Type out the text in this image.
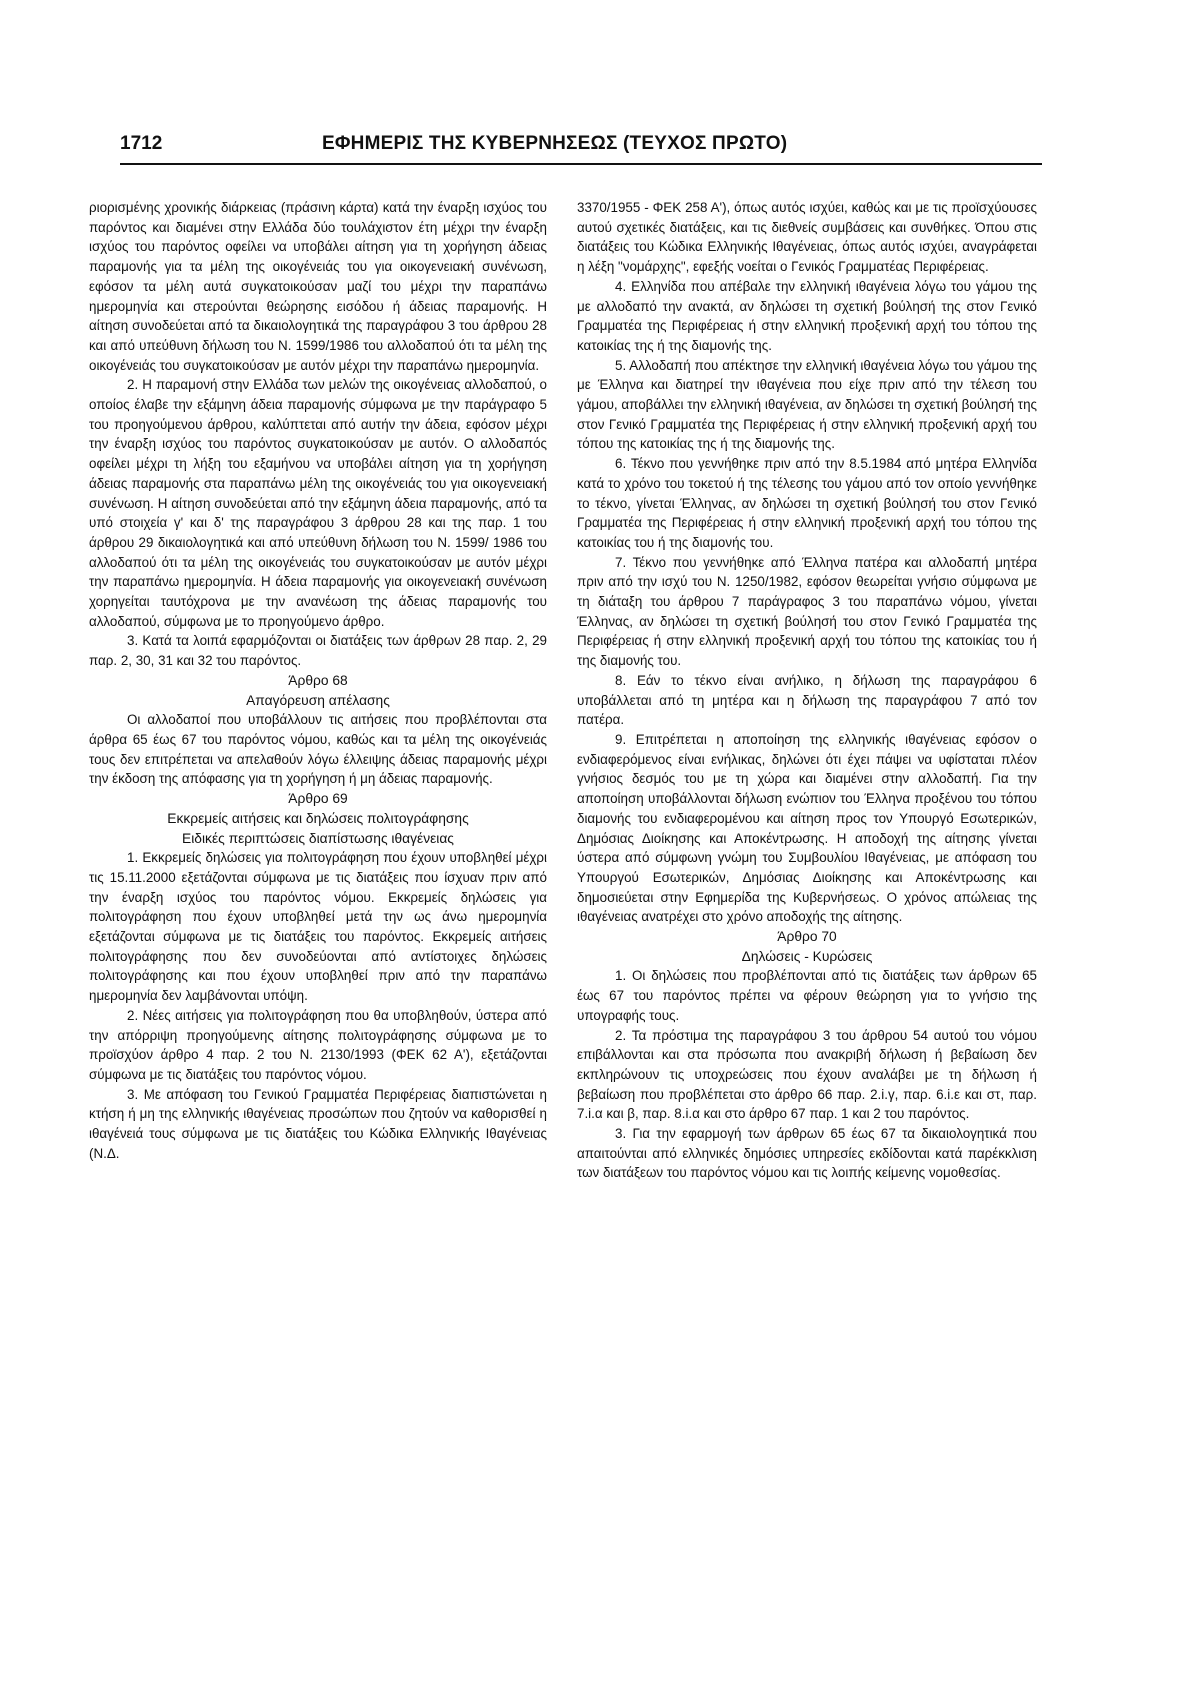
1712	ΕΦΗΜΕΡΙΣ ΤΗΣ ΚΥΒΕΡΝΗΣΕΩΣ (ΤΕΥΧΟΣ ΠΡΩΤΟ)

ριορισμένης χρονικής διάρκειας (πράσινη κάρτα) κατά την έναρξη ισχύος του παρόντος και διαμένει στην Ελλάδα δύο τουλάχιστον έτη μέχρι την έναρξη ισχύος του παρόντος οφείλει να υποβάλει αίτηση για τη χορήγηση άδειας παραμονής για τα μέλη της οικογένειάς του για οικογενειακή συνένωση, εφόσον τα μέλη αυτά συγκατοικούσαν μαζί του μέχρι την παραπάνω ημερομηνία και στερούνται θεώρησης εισόδου ή άδειας παραμονής. Η αίτηση συνοδεύεται από τα δικαιολογητικά της παραγράφου 3 του άρθρου 28 και από υπεύθυνη δήλωση του Ν. 1599/1986 του αλλοδαπού ότι τα μέλη της οικογένειάς του συγκατοικούσαν με αυτόν μέχρι την παραπάνω ημερομηνία.

2. Η παραμονή στην Ελλάδα των μελών της οικογένειας αλλοδαπού, ο οποίος έλαβε την εξάμηνη άδεια παραμονής σύμφωνα με την παράγραφο 5 του προηγούμενου άρθρου, καλύπτεται από αυτήν την άδεια, εφόσον μέχρι την έναρξη ισχύος του παρόντος συγκατοικούσαν με αυτόν. Ο αλλοδαπός οφείλει μέχρι τη λήξη του εξαμήνου να υποβάλει αίτηση για τη χορήγηση άδειας παραμονής στα παραπάνω μέλη της οικογένειάς του για οικογενειακή συνένωση. Η αίτηση συνοδεύεται από την εξάμηνη άδεια παραμονής, από τα υπό στοιχεία γ' και δ' της παραγράφου 3 άρθρου 28 και της παρ. 1 του άρθρου 29 δικαιολογητικά και από υπεύθυνη δήλωση του Ν. 1599/ 1986 του αλλοδαπού ότι τα μέλη της οικογένειάς του συγκατοικούσαν με αυτόν μέχρι την παραπάνω ημερομηνία. Η άδεια παραμονής για οικογενειακή συνένωση χορηγείται ταυτόχρονα με την ανανέωση της άδειας παραμονής του αλλοδαπού, σύμφωνα με το προηγούμενο άρθρο.

3. Κατά τα λοιπά εφαρμόζονται οι διατάξεις των άρθρων 28 παρ. 2, 29 παρ. 2, 30, 31 και 32 του παρόντος.

Άρθρο 68

Απαγόρευση απέλασης

Οι αλλοδαποί που υποβάλλουν τις αιτήσεις που προβλέπονται στα άρθρα 65 έως 67 του παρόντος νόμου, καθώς και τα μέλη της οικογένειάς τους δεν επιτρέπεται να απελαθούν λόγω έλλειψης άδειας παραμονής μέχρι την έκδοση της απόφασης για τη χορήγηση ή μη άδειας παραμονής.

Άρθρο 69

Εκκρεμείς αιτήσεις και δηλώσεις πολιτογράφησης

Ειδικές περιπτώσεις διαπίστωσης ιθαγένειας

1. Εκκρεμείς δηλώσεις για πολιτογράφηση που έχουν υποβληθεί μέχρι τις 15.11.2000 εξετάζονται σύμφωνα με τις διατάξεις που ίσχυαν πριν από την έναρξη ισχύος του παρόντος νόμου. Εκκρεμείς δηλώσεις για πολιτογράφηση που έχουν υποβληθεί μετά την ως άνω ημερομηνία εξετάζονται σύμφωνα με τις διατάξεις του παρόντος. Εκκρεμείς αιτήσεις πολιτογράφησης που δεν συνοδεύονται από αντίστοιχες δηλώσεις πολιτογράφησης και που έχουν υποβληθεί πριν από την παραπάνω ημερομηνία δεν λαμβάνονται υπόψη.

2. Νέες αιτήσεις για πολιτογράφηση που θα υποβληθούν, ύστερα από την απόρριψη προηγούμενης αίτησης πολιτογράφησης σύμφωνα με το προϊσχύον άρθρο 4 παρ. 2 του Ν. 2130/1993 (ΦΕΚ 62 Α'), εξετάζονται σύμφωνα με τις διατάξεις του παρόντος νόμου.

3. Με απόφαση του Γενικού Γραμματέα Περιφέρειας διαπιστώνεται η κτήση ή μη της ελληνικής ιθαγένειας προσώπων που ζητούν να καθορισθεί η ιθαγένειά τους σύμφωνα με τις διατάξεις του Κώδικα Ελληνικής Ιθαγένειας (Ν.Δ.

3370/1955 - ΦΕΚ 258 Α'), όπως αυτός ισχύει, καθώς και με τις προϊσχύουσες αυτού σχετικές διατάξεις, και τις διεθνείς συμβάσεις και συνθήκες. Όπου στις διατάξεις του Κώδικα Ελληνικής Ιθαγένειας, όπως αυτός ισχύει, αναγράφεται η λέξη "νομάρχης", εφεξής νοείται ο Γενικός Γραμματέας Περιφέρειας.

4. Ελληνίδα που απέβαλε την ελληνική ιθαγένεια λόγω του γάμου της με αλλοδαπό την ανακτά, αν δηλώσει τη σχετική βούλησή της στον Γενικό Γραμματέα της Περιφέρειας ή στην ελληνική προξενική αρχή του τόπου της κατοικίας της ή της διαμονής της.

5. Αλλοδαπή που απέκτησε την ελληνική ιθαγένεια λόγω του γάμου της με Έλληνα και διατηρεί την ιθαγένεια που είχε πριν από την τέλεση του γάμου, αποβάλλει την ελληνική ιθαγένεια, αν δηλώσει τη σχετική βούλησή της στον Γενικό Γραμματέα της Περιφέρειας ή στην ελληνική προξενική αρχή του τόπου της κατοικίας της ή της διαμονής της.

6. Τέκνο που γεννήθηκε πριν από την 8.5.1984 από μητέρα Ελληνίδα κατά το χρόνο του τοκετού ή της τέλεσης του γάμου από τον οποίο γεννήθηκε το τέκνο, γίνεται Έλληνας, αν δηλώσει τη σχετική βούλησή του στον Γενικό Γραμματέα της Περιφέρειας ή στην ελληνική προξενική αρχή του τόπου της κατοικίας του ή της διαμονής του.

7. Τέκνο που γεννήθηκε από Έλληνα πατέρα και αλλοδαπή μητέρα πριν από την ισχύ του Ν. 1250/1982, εφόσον θεωρείται γνήσιο σύμφωνα με τη διάταξη του άρθρου 7 παράγραφος 3 του παραπάνω νόμου, γίνεται Έλληνας, αν δηλώσει τη σχετική βούλησή του στον Γενικό Γραμματέα της Περιφέρειας ή στην ελληνική προξενική αρχή του τόπου της κατοικίας του ή της διαμονής του.

8. Εάν το τέκνο είναι ανήλικο, η δήλωση της παραγράφου 6 υποβάλλεται από τη μητέρα και η δήλωση της παραγράφου 7 από τον πατέρα.

9. Επιτρέπεται η αποποίηση της ελληνικής ιθαγένειας εφόσον ο ενδιαφερόμενος είναι ενήλικας, δηλώνει ότι έχει πάψει να υφίσταται πλέον γνήσιος δεσμός του με τη χώρα και διαμένει στην αλλοδαπή. Για την αποποίηση υποβάλλονται δήλωση ενώπιον του Έλληνα προξένου του τόπου διαμονής του ενδιαφερομένου και αίτηση προς τον Υπουργό Εσωτερικών, Δημόσιας Διοίκησης και Αποκέντρωσης. Η αποδοχή της αίτησης γίνεται ύστερα από σύμφωνη γνώμη του Συμβουλίου Ιθαγένειας, με απόφαση του Υπουργού Εσωτερικών, Δημόσιας Διοίκησης και Αποκέντρωσης και δημοσιεύεται στην Εφημερίδα της Κυβερνήσεως. Ο χρόνος απώλειας της ιθαγένειας ανατρέχει στο χρόνο αποδοχής της αίτησης.

Άρθρο 70

Δηλώσεις - Κυρώσεις

1. Οι δηλώσεις που προβλέπονται από τις διατάξεις των άρθρων 65 έως 67 του παρόντος πρέπει να φέρουν θεώρηση για το γνήσιο της υπογραφής τους.

2. Τα πρόστιμα της παραγράφου 3 του άρθρου 54 αυτού του νόμου επιβάλλονται και στα πρόσωπα που ανακριβή δήλωση ή βεβαίωση δεν εκπληρώνουν τις υποχρεώσεις που έχουν αναλάβει με τη δήλωση ή βεβαίωση που προβλέπεται στο άρθρο 66 παρ. 2.i.γ, παρ. 6.i.ε και στ, παρ. 7.i.α και β, παρ. 8.i.α και στο άρθρο 67 παρ. 1 και 2 του παρόντος.

3. Για την εφαρμογή των άρθρων 65 έως 67 τα δικαιολογητικά που απαιτούνται από ελληνικές δημόσιες υπηρεσίες εκδίδονται κατά παρέκκλιση των διατάξεων του παρόντος νόμου και τις λοιπής κείμενης νομοθεσίας.
